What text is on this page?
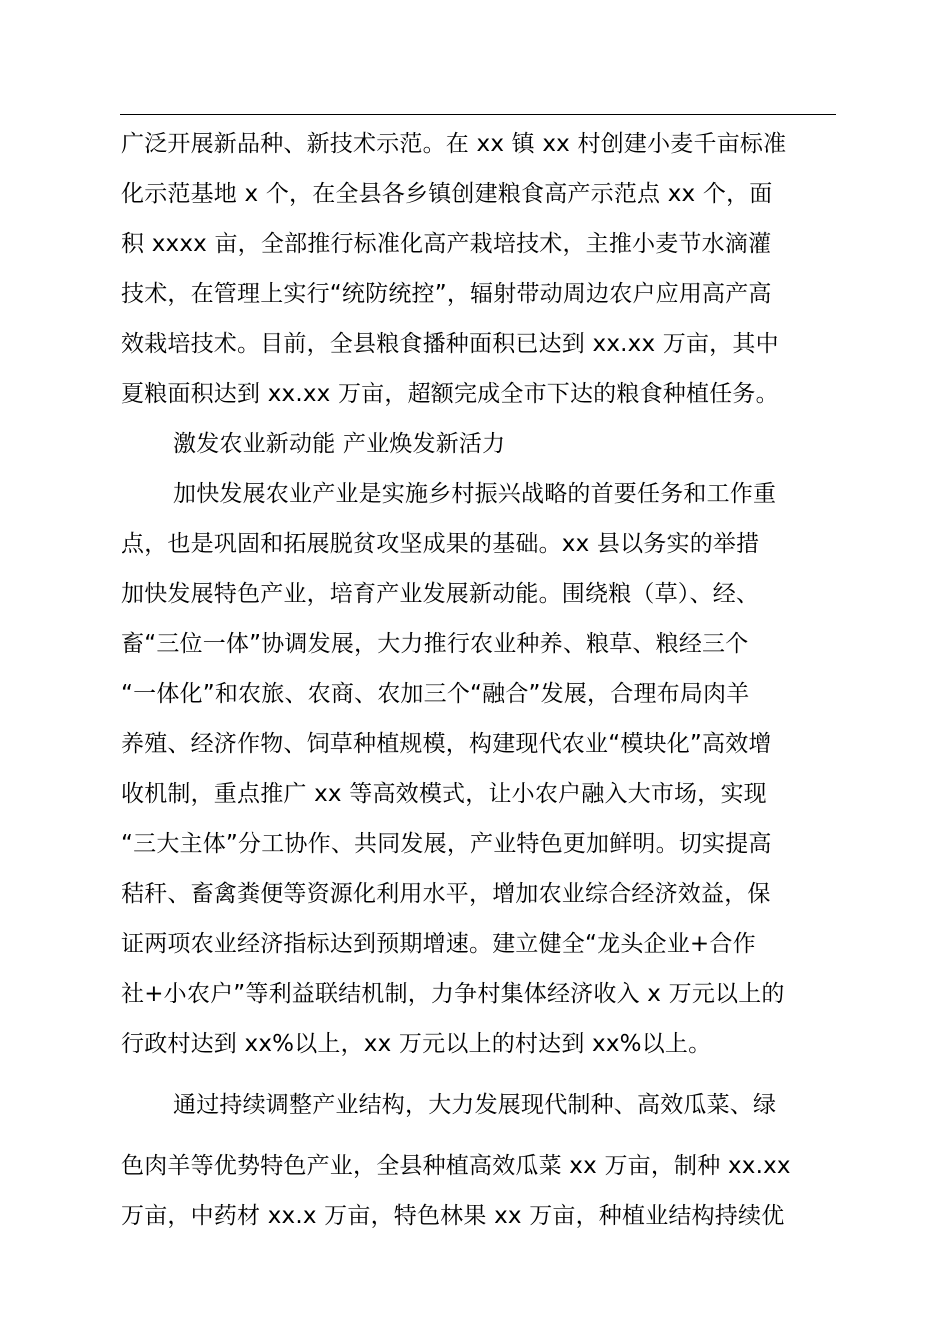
广泛开展新品种、新技术示范。在 xx 镇 xx 村创建小麦千亩标准
化示范基地 x 个，在全县各乡镇创建粮食高产示范点 xx 个，面
积 xxxx 亩，全部推行标准化高产栽培技术，主推小麦节水滴灌
技术，在管理上实行“统防统控”，辐射带动周边农户应用高产高
效栽培技术。目前，全县粮食播种面积已达到 xx.xx 万亩，其中
夏粮面积达到 xx.xx 万亩，超额完成全市下达的粮食种植任务。
激发农业新动能 产业焕发新活力
加快发展农业产业是实施乡村振兴战略的首要任务和工作重
点，也是巩固和拓展脱贫攻坚成果的基础。xx 县以务实的举措
加快发展特色产业，培育产业发展新动能。围绕粮（草）、经、
畜“三位一体”协调发展，大力推行农业种养、粮草、粮经三个
“一体化”和农旅、农商、农加三个“融合”发展，合理布局肉羊
养殖、经济作物、饲草种植规模，构建现代农业“模块化”高效增
收机制，重点推广 xx 等高效模式，让小农户融入大市场，实现
“三大主体”分工协作、共同发展，产业特色更加鲜明。切实提高
秸秆、畜禽粪便等资源化利用水平，增加农业综合经济效益，保
证两项农业经济指标达到预期增速。建立健全“龙头企业+合作
社+小农户”等利益联结机制，力争村集体经济收入 x 万元以上的
行政村达到 xx%以上，xx 万元以上的村达到 xx%以上。
通过持续调整产业结构，大力发展现代制种、高效瓜菜、绿
色肉羊等优势特色产业，全县种植高效瓜菜 xx 万亩，制种 xx.xx
万亩，中药材 xx.x 万亩，特色林果 xx 万亩，种植业结构持续优
